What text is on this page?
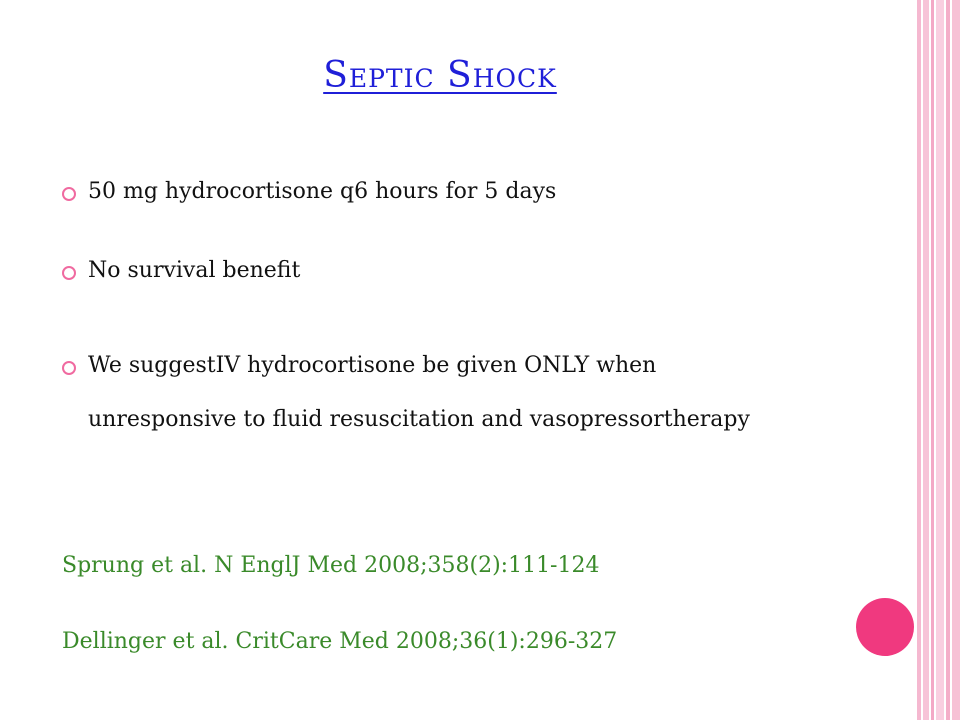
Septic Shock
50 mg hydrocortisone q6 hours for 5 days
No survival benefit
We suggestIV hydrocortisone be given ONLY when unresponsive to fluid resuscitation and vasopressortherapy
Sprung et al. N EnglJ Med 2008;358(2):111-124
Dellinger et al. CritCare Med 2008;36(1):296-327
